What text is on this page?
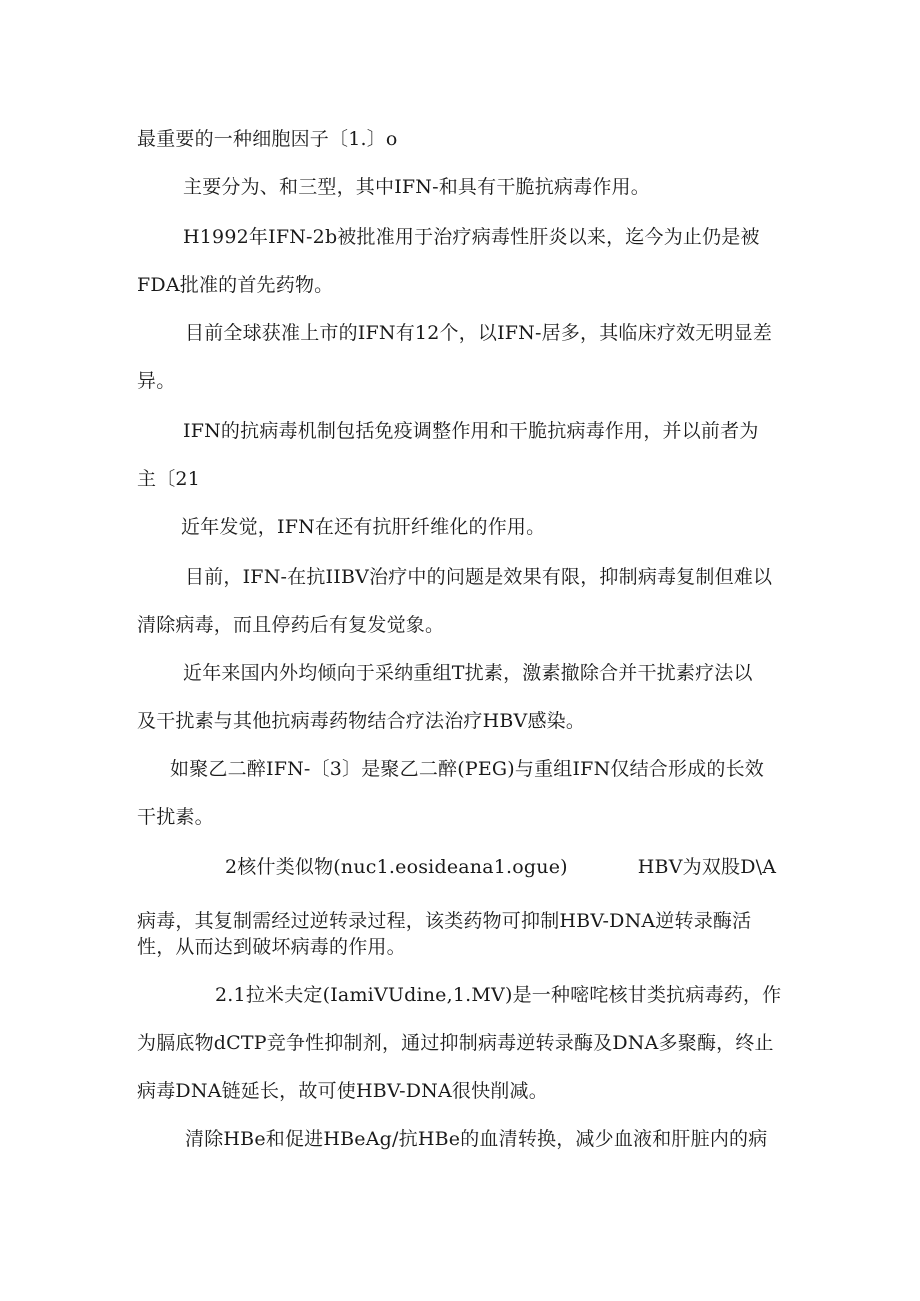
最重要的一种细胞因子〔1.〕o
主要分为、和三型，其中IFN-和具有干脆抗病毒作用。
H1992年IFN-2b被批准用于治疗病毒性肝炎以来，迄今为止仍是被
FDA批准的首先药物。
目前全球获准上市的IFN有12个，以IFN-居多，其临床疗效无明显差
异。
IFN的抗病毒机制包括免疫调整作用和干脆抗病毒作用，并以前者为
主〔21
近年发觉，IFN在还有抗肝纤维化的作用。
目前，IFN-在抗IIBV治疗中的问题是效果有限，抑制病毒复制但难以
清除病毒，而且停药后有复发觉象。
近年来国内外均倾向于采纳重组T扰素，激素撤除合并干扰素疗法以
及干扰素与其他抗病毒药物结合疗法治疗HBV感染。
如聚乙二醉IFN-〔3〕是聚乙二醉(PEG)与重组IFN仅结合形成的长效
干扰素。
2核什类似物(nuc1.eosideana1.ogue)	HBV为双股D\A
病毒，其复制需经过逆转录过程，该类药物可抑制HBV-DNA逆转录酶活
性，从而达到破坏病毒的作用。
2.1拉米夫定(IamiVUdine,1.MV)是一种嘧咤核甘类抗病毒药，作
为膈底物dCTP竞争性抑制剂，通过抑制病毒逆转录酶及DNA多聚酶，终止
病毒DNA链延长，故可使HBV-DNA很快削减。
清除HBe和促进HBeAg/抗HBe的血清转换，减少血液和肝脏内的病
